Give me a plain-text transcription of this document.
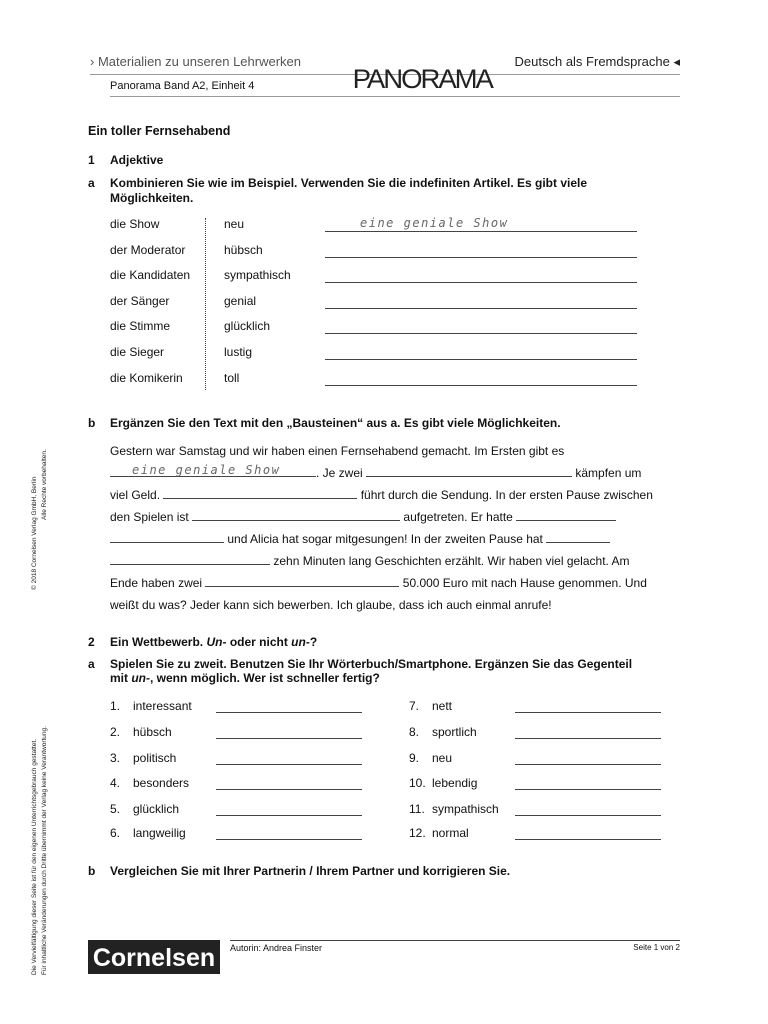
› Materialien zu unseren Lehrwerken	Deutsch als Fremdsprache ◂
Panorama Band A2, Einheit 4	PANORAMA
Ein toller Fernsehabend
1 Adjektive
a Kombinieren Sie wie im Beispiel. Verwenden Sie die indefiniten Artikel. Es gibt viele
Möglichkeiten.
die Show	neu	eine geniale Show
der Moderator	hübsch
die Kandidaten	sympathisch
der Sänger	genial
die Stimme	glücklich
die Sieger	lustig
die Komikerin	toll
b Ergänzen Sie den Text mit den „Bausteinen“ aus a. Es gibt viele Möglichkeiten.
Gestern war Samstag und wir haben einen Fernsehabend gemacht. Im Ersten gibt es
eine geniale Show	. Je zwei	kämpfen um
viel Geld.	führt durch die Sendung. In der ersten Pause zwischen
den Spielen ist	aufgetreten. Er hatte
und Alicia hat sogar mitgesungen! In der zweiten Pause hat
zehn Minuten lang Geschichten erzählt. Wir haben viel gelacht. Am
Ende haben zwei	50.000 Euro mit nach Hause genommen. Und
weißt du was? Jeder kann sich bewerben. Ich glaube, dass ich auch einmal anrufe!
2 Ein Wettbewerb. Un- oder nicht un-?
a Spielen Sie zu zweit. Benutzen Sie Ihr Wörterbuch/Smartphone. Ergänzen Sie das Gegenteil
mit un-, wenn möglich. Wer ist schneller fertig?
1. interessant
2. hübsch
3. politisch
4. besonders
5. glücklich
6. langweilig
7. nett
8. sportlich
9. neu
10. lebendig
11. sympathisch
12. normal
b Vergleichen Sie mit Ihrer Partnerin / Ihrem Partner und korrigieren Sie.
© 2018 Cornelsen Verlag GmbH, Berlin Alle Rechte vorbehalten.
Die Vervielfältigung dieser Seite ist für den eigenen Unterrichtsgebrauch gestattet. Für inhaltliche Veränderungen durch Dritte übernimmt der Verlag keine Verantwortung. Cornelsen	Autorin: Andrea Finster	Seite 1 von 2
